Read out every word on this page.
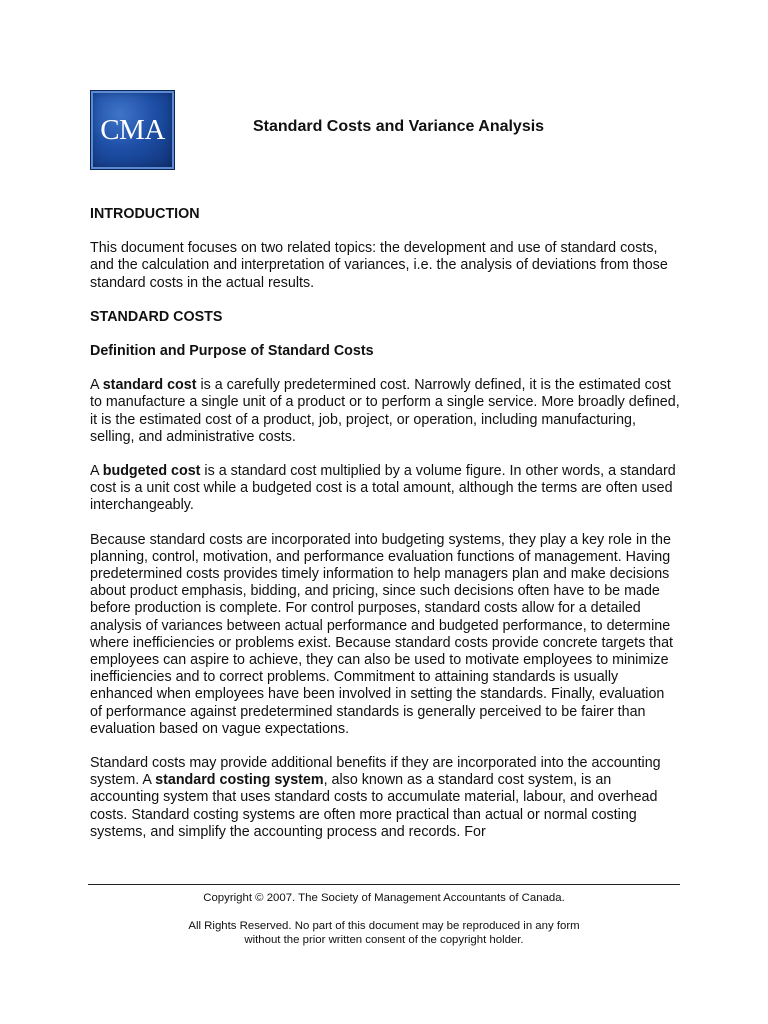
CMA	Standard Costs and Variance Analysis
INTRODUCTION

This document focuses on two related topics: the development and use of standard costs, and the calculation and interpretation of variances, i.e. the analysis of deviations from those standard costs in the actual results.

STANDARD COSTS
Definition and Purpose of Standard Costs

A standard cost is a carefully predetermined cost. Narrowly defined, it is the estimated cost to manufacture a single unit of a product or to perform a single service. More broadly defined, it is the estimated cost of a product, job, project, or operation, including manufacturing, selling, and administrative costs.

A budgeted cost is a standard cost multiplied by a volume figure. In other words, a standard cost is a unit cost while a budgeted cost is a total amount, although the terms are often used interchangeably.

Because standard costs are incorporated into budgeting systems, they play a key role in the planning, control, motivation, and performance evaluation functions of management. Having predetermined costs provides timely information to help managers plan and make decisions about product emphasis, bidding, and pricing, since such decisions often have to be made before production is complete. For control purposes, standard costs allow for a detailed analysis of variances between actual performance and budgeted performance, to determine where inefficiencies or problems exist. Because standard costs provide concrete targets that employees can aspire to achieve, they can also be used to motivate employees to minimize inefficiencies and to correct problems. Commitment to attaining standards is usually enhanced when employees have been involved in setting the standards. Finally, evaluation of performance against predetermined standards is generally perceived to be fairer than evaluation based on vague expectations.

Standard costs may provide additional benefits if they are incorporated into the accounting system. A standard costing system, also known as a standard cost system, is an accounting system that uses standard costs to accumulate material, labour, and overhead costs. Standard costing systems are often more practical than actual or normal costing systems, and simplify the accounting process and records. For

Copyright © 2007. The Society of Management Accountants of Canada.

All Rights Reserved. No part of this document may be reproduced in any form

without the prior written consent of the copyright holder.
